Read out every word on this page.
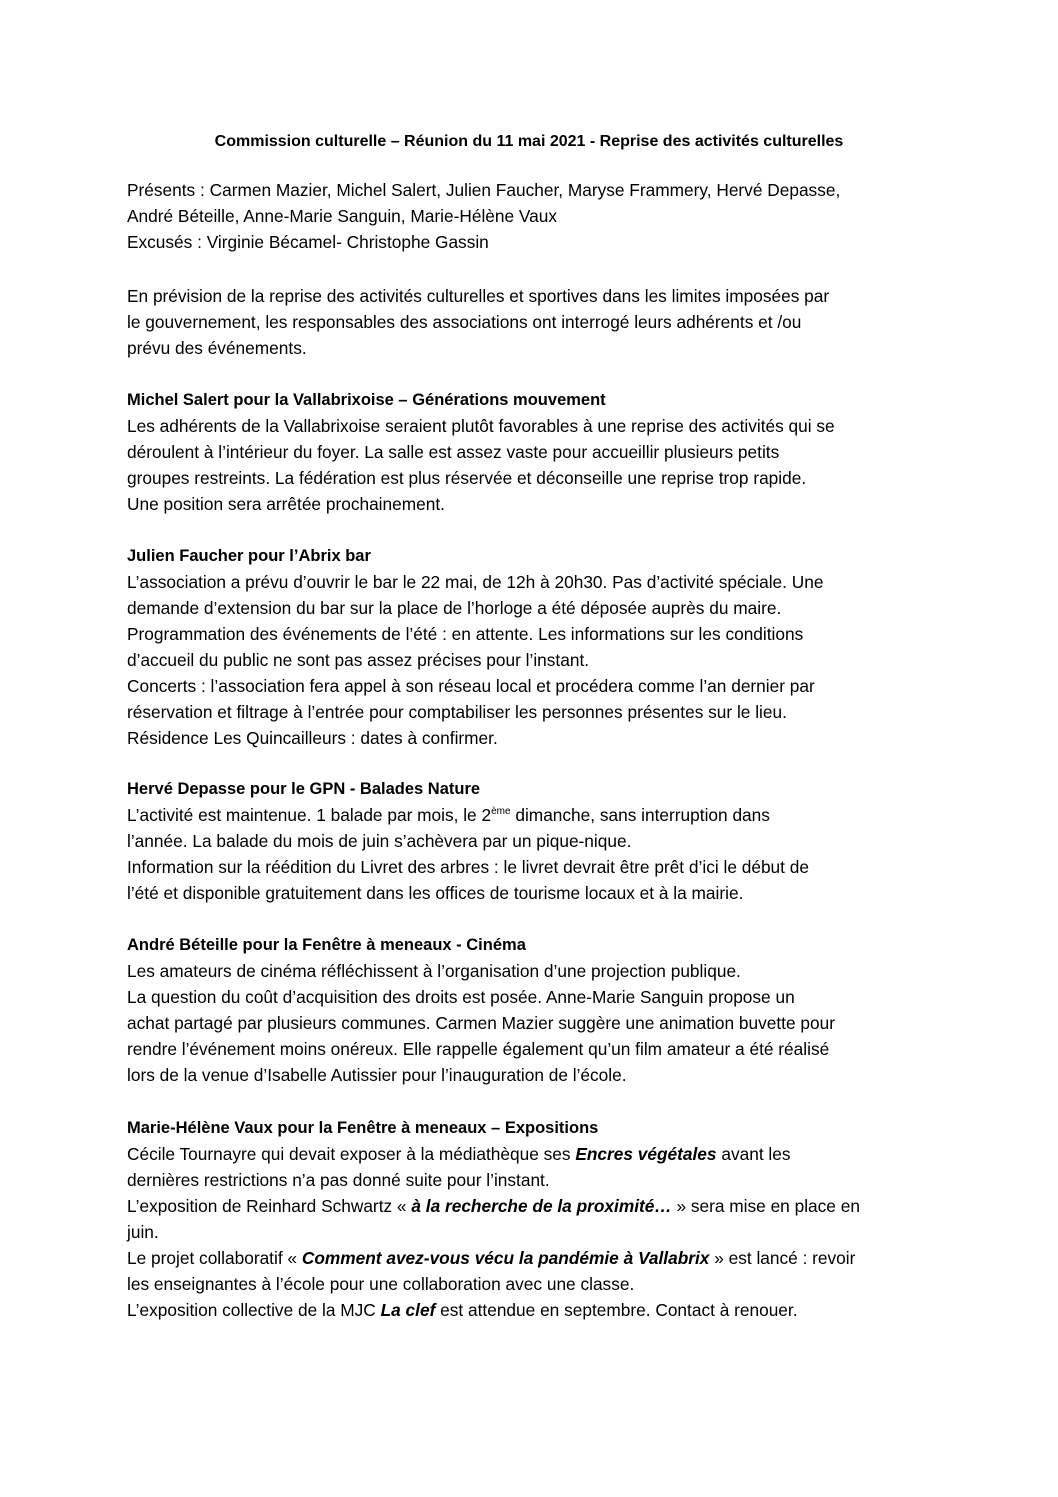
Commission culturelle – Réunion du 11 mai 2021 - Reprise des activités culturelles
Présents : Carmen Mazier, Michel Salert, Julien Faucher, Maryse Frammery, Hervé Depasse,
André Béteille, Anne-Marie Sanguin, Marie-Hélène Vaux
Excusés : Virginie Bécamel- Christophe Gassin
En prévision de la reprise des activités culturelles et sportives dans les limites imposées par
le gouvernement, les responsables des associations ont interrogé leurs adhérents et /ou
prévu des événements.
Michel Salert pour la Vallabrixoise – Générations mouvement
Les adhérents de la Vallabrixoise seraient plutôt favorables à une reprise des activités qui se
déroulent à l’intérieur du foyer. La salle est assez vaste pour accueillir plusieurs petits
groupes restreints. La fédération est plus réservée et déconseille une reprise trop rapide.
Une position sera arrêtée prochainement.
Julien Faucher pour l’Abrix bar
L’association a prévu d’ouvrir le bar le 22 mai, de 12h à 20h30. Pas d’activité spéciale. Une
demande d’extension du bar sur la place de l’horloge a été déposée auprès du maire.
Programmation des événements de l’été : en attente. Les informations sur les conditions
d’accueil du public ne sont pas assez précises pour l’instant.
Concerts : l’association fera appel à son réseau local et procédera comme l’an dernier par
réservation et filtrage à l’entrée pour comptabiliser les personnes présentes sur le lieu.
Résidence Les Quincailleurs : dates à confirmer.
Hervé Depasse pour le GPN - Balades Nature
L’activité est maintenue. 1 balade par mois, le 2ème dimanche, sans interruption dans
l’année. La balade du mois de juin s’achèvera par un pique-nique.
Information sur la réédition du Livret des arbres : le livret devrait être prêt d’ici le début de
l’été et disponible gratuitement dans les offices de tourisme locaux et à la mairie.
André Béteille pour la Fenêtre à meneaux - Cinéma
Les amateurs de cinéma réfléchissent à l’organisation d’une projection publique.
La question du coût d’acquisition des droits est posée. Anne-Marie Sanguin propose un
achat partagé par plusieurs communes. Carmen Mazier suggère une animation buvette pour
rendre l’événement moins onéreux. Elle rappelle également qu’un film amateur a été réalisé
lors de la venue d’Isabelle Autissier pour l’inauguration de l’école.
Marie-Hélène Vaux pour la Fenêtre à meneaux – Expositions
Cécile Tournayre qui devait exposer à la médiathèque ses Encres végétales avant les
dernières restrictions n’a pas donné suite pour l’instant.
L’exposition de Reinhard Schwartz « à la recherche de la proximité… » sera mise en place en
juin.
Le projet collaboratif « Comment avez-vous vécu la pandémie à Vallabrix » est lancé : revoir
les enseignantes à l’école pour une collaboration avec une classe.
L’exposition collective de la MJC La clef est attendue en septembre. Contact à renouer.
